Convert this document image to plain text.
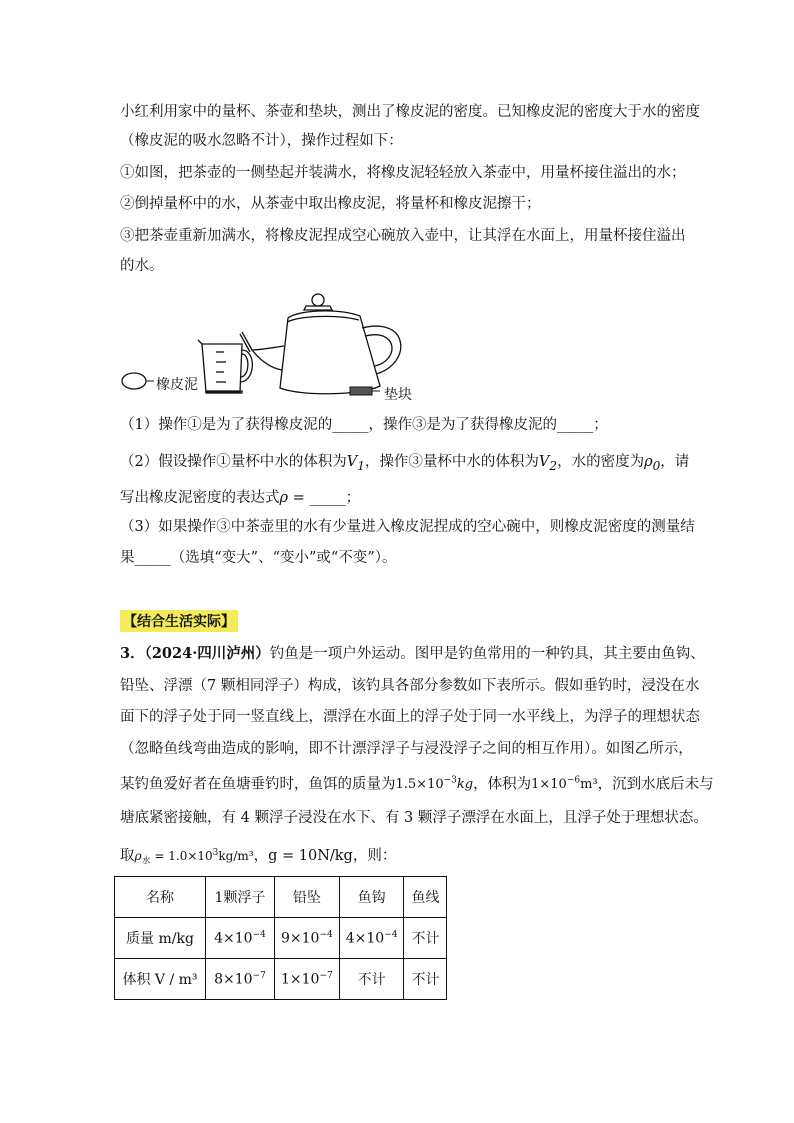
小红利用家中的量杯、茶壶和垫块，测出了橡皮泥的密度。已知橡皮泥的密度大于水的密度
（橡皮泥的吸水忽略不计），操作过程如下：
①如图，把茶壶的一侧垫起并装满水，将橡皮泥轻轻放入茶壶中，用量杯接住溢出的水；
②倒掉量杯中的水，从茶壶中取出橡皮泥，将量杯和橡皮泥擦干；
③把茶壶重新加满水，将橡皮泥捏成空心碗放入壶中，让其浮在水面上，用量杯接住溢出
的水。
橡皮泥
垫块
（1）操作①是为了获得橡皮泥的_____，操作③是为了获得橡皮泥的_____；
（2）假设操作①量杯中水的体积为$V_1$，操作③量杯中水的体积为$V_2$，水的密度为$\rho_0$，请
写出橡皮泥密度的表达式ρ = _____；
（3）如果操作③中茶壶里的水有少量进入橡皮泥捏成的空心碗中，则橡皮泥密度的测量结
果_____（选填“变大”、“变小”或“不变”）。
【结合生活实际】
3．（2024·四川泸州）钓鱼是一项户外运动。图甲是钓鱼常用的一种钓具，其主要由鱼钩、
铅坠、浮漂（7 颗相同浮子）构成，该钓具各部分参数如下表所示。假如垂钓时，浸没在水
面下的浮子处于同一竖直线上，漂浮在水面上的浮子处于同一水平线上，为浮子的理想状态
（忽略鱼线弯曲造成的影响，即不计漂浮浮子与浸没浮子之间的相互作用）。如图乙所示，
某钓鱼爱好者在鱼塘垂钓时，鱼饵的质量为$1.5\times 10^{-3}kg$，体积为$1\times 10^{-6}m^3$，沉到水底后未与
塘底紧密接触，有 4 颗浮子浸没在水下、有 3 颗浮子漂浮在水面上，且浮子处于理想状态。
取$\rho_水 = 1.0\times 10^3kg/m^3$，g = 10N/kg，则：
名称	1颗浮子	铅坠	鱼钩	鱼线
质量 m/kg	$4\times 10^{-4}$	$9\times 10^{-4}$	$4\times 10^{-4}$	不计
体积 V / m³	$8\times 10^{-7}$	$1\times 10^{-7}$	不计	不计
